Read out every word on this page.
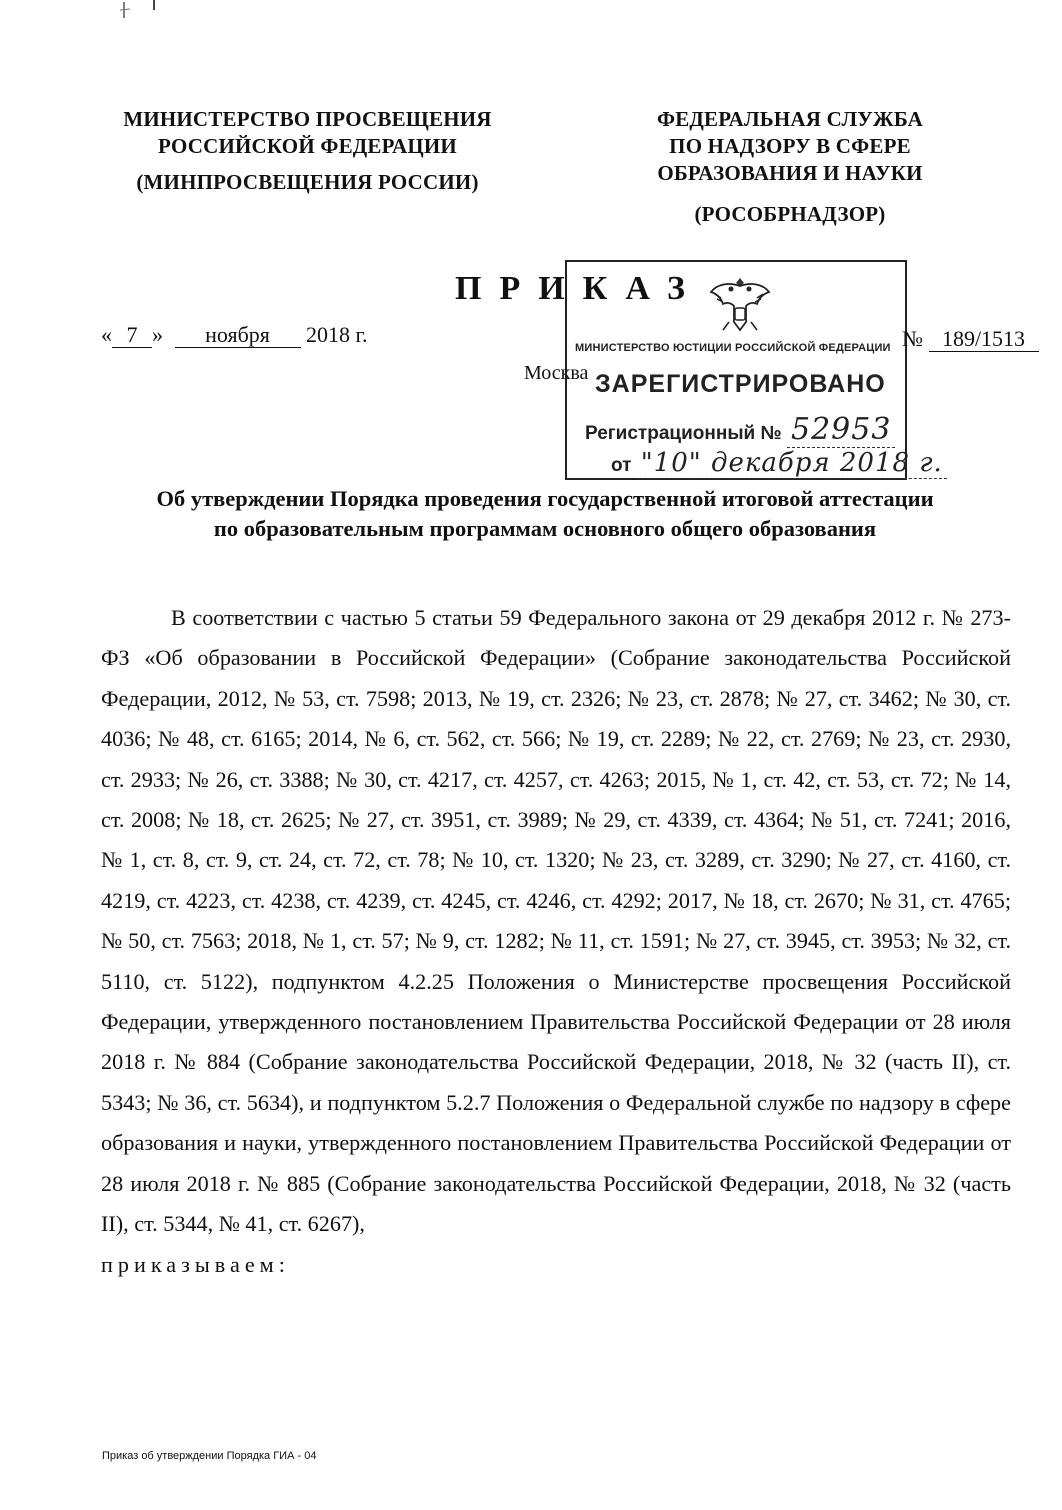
МИНИСТЕРСТВО ПРОСВЕЩЕНИЯ
РОССИЙСКОЙ ФЕДЕРАЦИИ
(МИНПРОСВЕЩЕНИЯ РОССИИ)
ФЕДЕРАЛЬНАЯ СЛУЖБА
ПО НАДЗОРУ В СФЕРЕ
ОБРАЗОВАНИЯ И НАУКИ
(РОСОБРНАДЗОР)
ПРИКАЗ
« 7 » ноября 2018 г.
Москва
МИНИСТЕРСТВО ЮСТИЦИИ РОССИЙСКОЙ ФЕДЕРАЦИИ
ЗАРЕГИСТРИРОВАНО
Регистрационный № 52953
от "10" декабря 2018 г.
№ 189/1513
Об утверждении Порядка проведения государственной итоговой аттестации
по образовательным программам основного общего образования

В соответствии с частью 5 статьи 59 Федерального закона от 29 декабря 2012 г. № 273-ФЗ «Об образовании в Российской Федерации» (Собрание законодательства Российской Федерации, 2012, № 53, ст. 7598; 2013, № 19, ст. 2326; № 23, ст. 2878; № 27, ст. 3462; № 30, ст. 4036; № 48, ст. 6165; 2014, № 6, ст. 562, ст. 566; № 19, ст. 2289; № 22, ст. 2769; № 23, ст. 2930, ст. 2933; № 26, ст. 3388; № 30, ст. 4217, ст. 4257, ст. 4263; 2015, № 1, ст. 42, ст. 53, ст. 72; № 14, ст. 2008; № 18, ст. 2625; № 27, ст. 3951, ст. 3989; № 29, ст. 4339, ст. 4364; № 51, ст. 7241; 2016, № 1, ст. 8, ст. 9, ст. 24, ст. 72, ст. 78; № 10, ст. 1320; № 23, ст. 3289, ст. 3290; № 27, ст. 4160, ст. 4219, ст. 4223, ст. 4238, ст. 4239, ст. 4245, ст. 4246, ст. 4292; 2017, № 18, ст. 2670; № 31, ст. 4765; № 50, ст. 7563; 2018, № 1, ст. 57; № 9, ст. 1282; № 11, ст. 1591; № 27, ст. 3945, ст. 3953; № 32, ст. 5110, ст. 5122), подпунктом 4.2.25 Положения о Министерстве просвещения Российской Федерации, утвержденного постановлением Правительства Российской Федерации от 28 июля 2018 г. № 884 (Собрание законодательства Российской Федерации, 2018, № 32 (часть II), ст. 5343; № 36, ст. 5634), и подпунктом 5.2.7 Положения о Федеральной службе по надзору в сфере образования и науки, утвержденного постановлением Правительства Российской Федерации от 28 июля 2018 г. № 885 (Собрание законодательства Российской Федерации, 2018, № 32 (часть II), ст. 5344, № 41, ст. 6267),

приказываем:
Приказ об утверждении Порядка ГИА - 04
